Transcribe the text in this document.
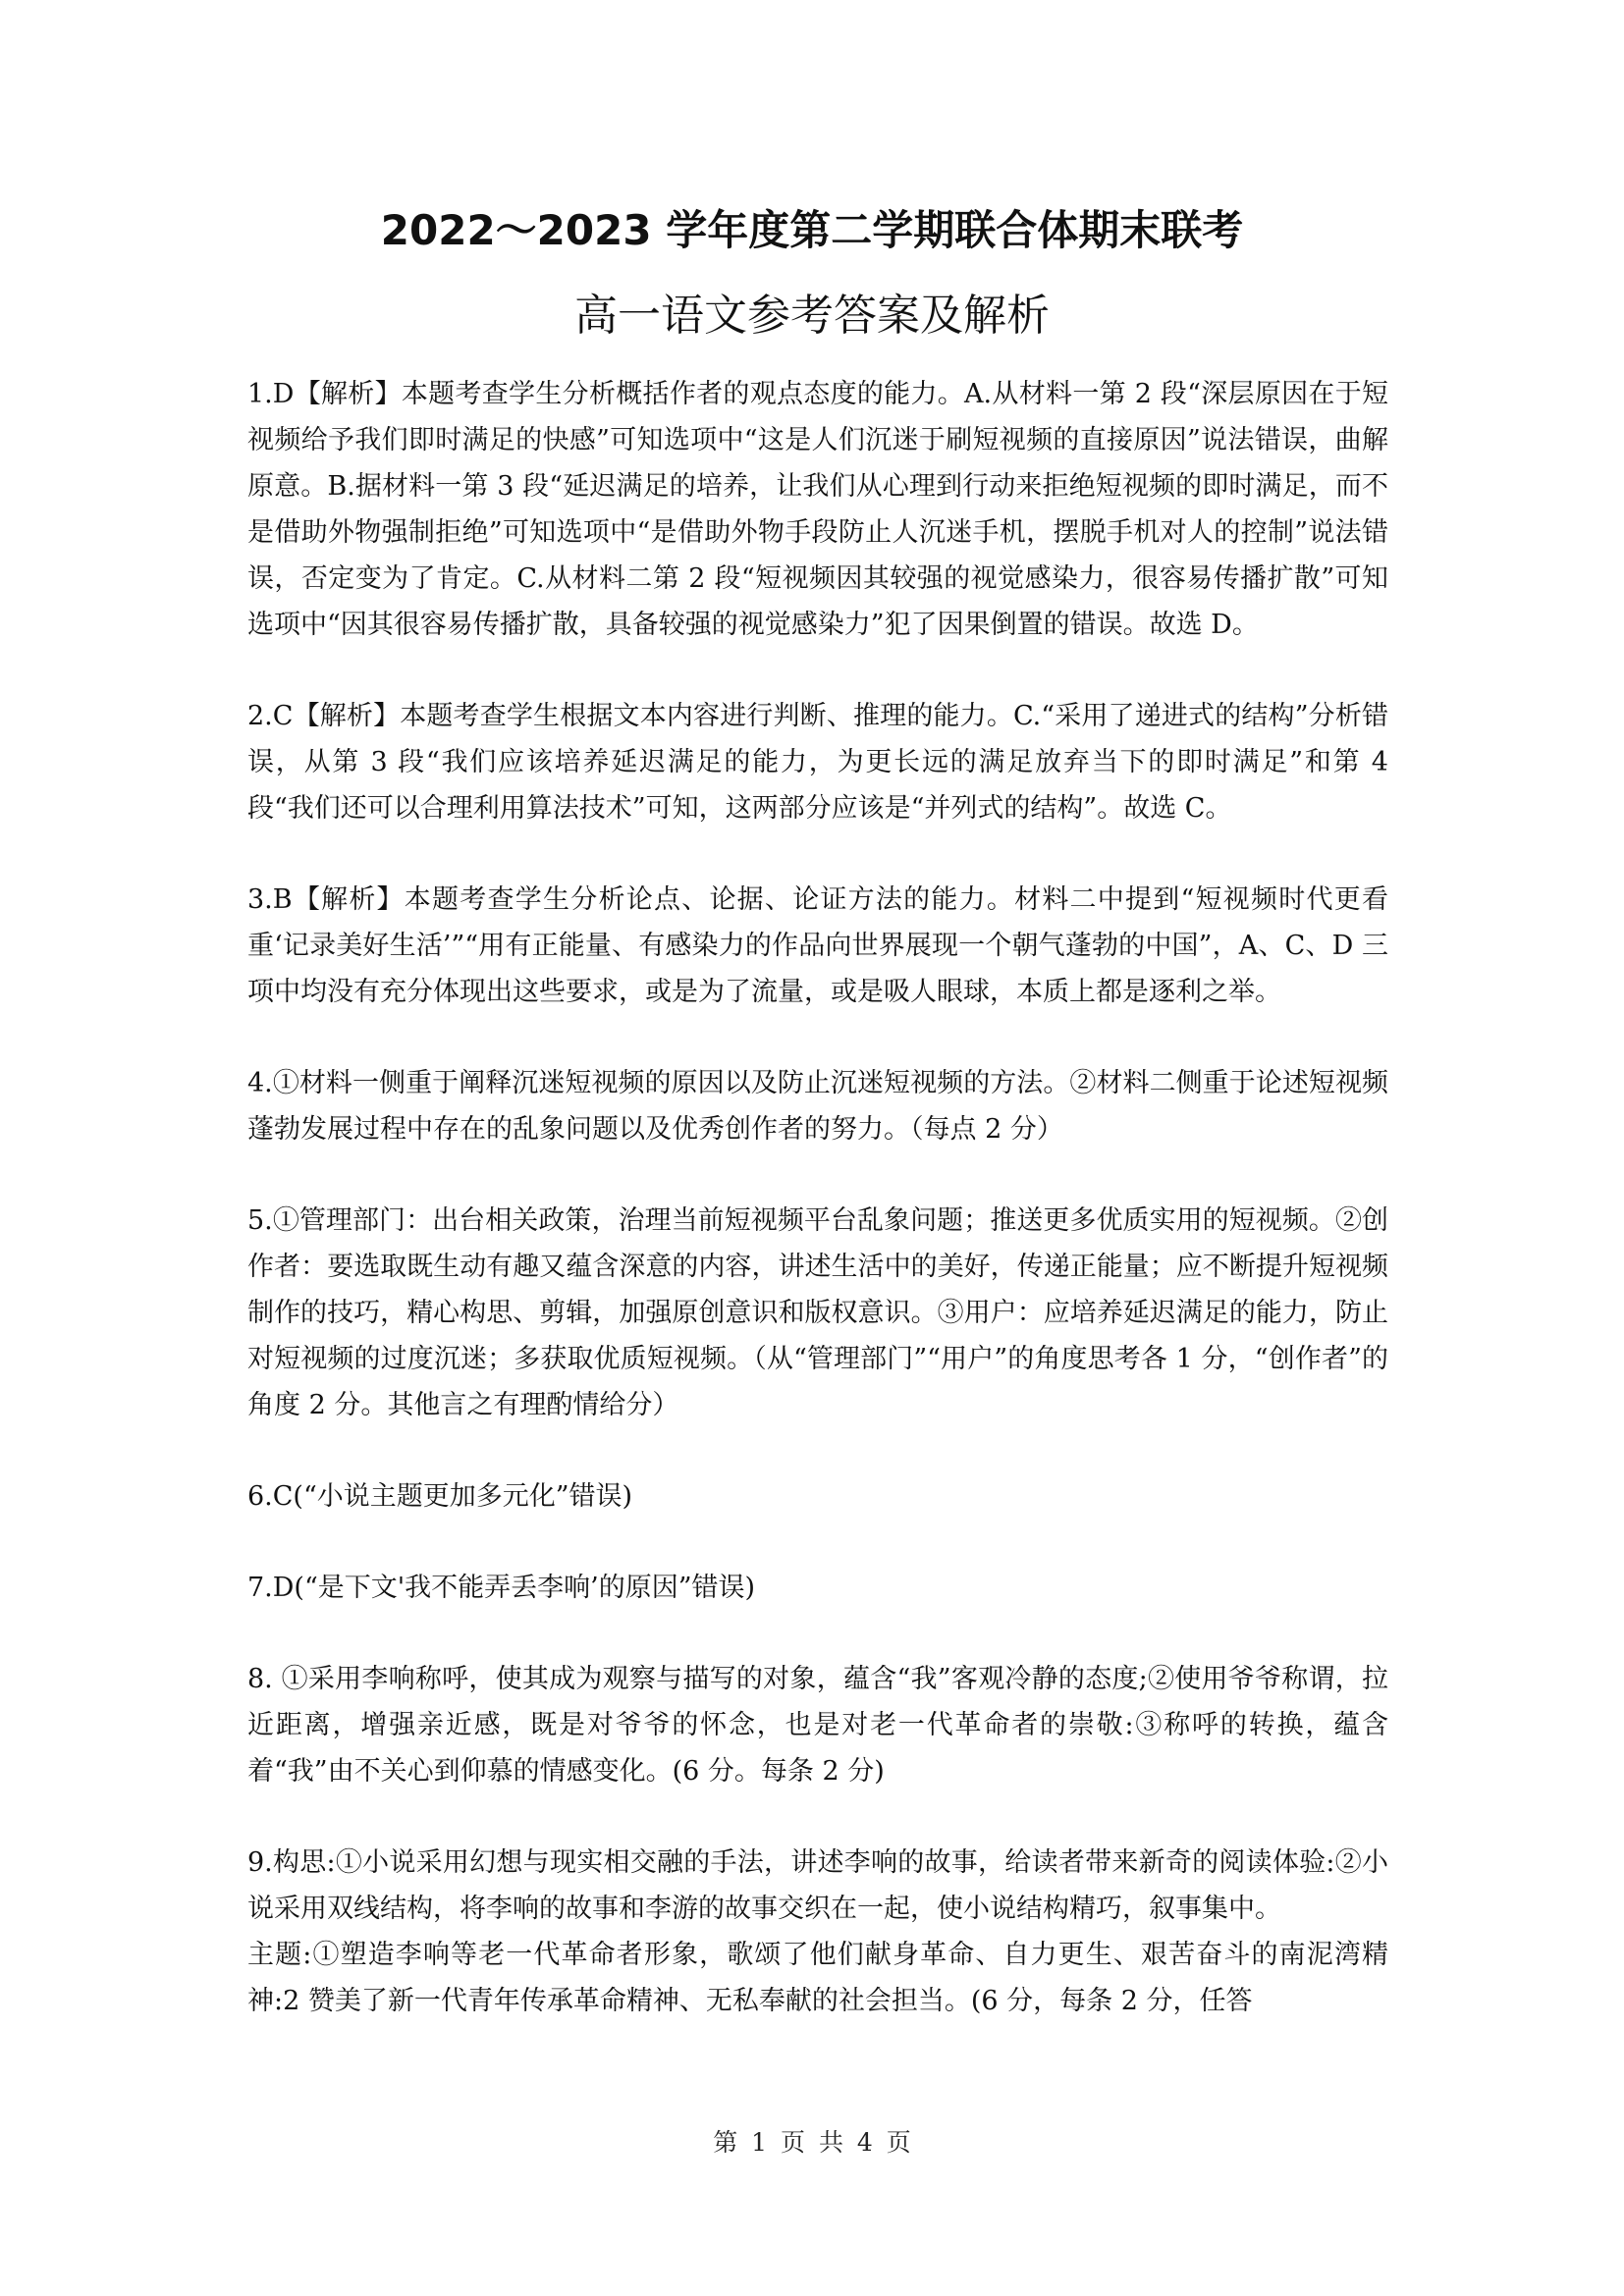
2022～2023 学年度第二学期联合体期末联考
高一语文参考答案及解析

1.D【解析】本题考查学生分析概括作者的观点态度的能力。A.从材料一第 2 段“深层原因在于短视频给予我们即时满足的快感”可知选项中“这是人们沉迷于刷短视频的直接原因”说法错误，曲解原意。B.据材料一第 3 段“延迟满足的培养，让我们从心理到行动来拒绝短视频的即时满足，而不是借助外物强制拒绝”可知选项中“是借助外物手段防止人沉迷手机，摆脱手机对人的控制”说法错误，否定变为了肯定。C.从材料二第 2 段“短视频因其较强的视觉感染力，很容易传播扩散”可知选项中“因其很容易传播扩散，具备较强的视觉感染力”犯了因果倒置的错误。故选 D。

2.C【解析】本题考查学生根据文本内容进行判断、推理的能力。C.“采用了递进式的结构”分析错误，从第 3 段“我们应该培养延迟满足的能力，为更长远的满足放弃当下的即时满足”和第 4 段“我们还可以合理利用算法技术”可知，这两部分应该是“并列式的结构”。故选 C。

3.B【解析】本题考查学生分析论点、论据、论证方法的能力。材料二中提到“短视频时代更看重‘记录美好生活’”“用有正能量、有感染力的作品向世界展现一个朝气蓬勃的中国”，A、C、D 三项中均没有充分体现出这些要求，或是为了流量，或是吸人眼球，本质上都是逐利之举。

4.①材料一侧重于阐释沉迷短视频的原因以及防止沉迷短视频的方法。②材料二侧重于论述短视频蓬勃发展过程中存在的乱象问题以及优秀创作者的努力。（每点 2 分）

5.①管理部门：出台相关政策，治理当前短视频平台乱象问题；推送更多优质实用的短视频。②创作者：要选取既生动有趣又蕴含深意的内容，讲述生活中的美好，传递正能量；应不断提升短视频制作的技巧，精心构思、剪辑，加强原创意识和版权意识。③用户：应培养延迟满足的能力，防止对短视频的过度沉迷；多获取优质短视频。（从“管理部门”“用户”的角度思考各 1 分，“创作者”的角度 2 分。其他言之有理酌情给分）

6.C(“小说主题更加多元化”错误)

7.D(“是下文'我不能弄丢李响’的原因”错误)

8. ①采用李响称呼，使其成为观察与描写的对象，蕴含“我”客观冷静的态度;②使用爷爷称谓，拉近距离，增强亲近感，既是对爷爷的怀念，也是对老一代革命者的崇敬:③称呼的转换，蕴含着“我”由不关心到仰慕的情感变化。(6 分。每条 2 分)

9.构思:①小说采用幻想与现实相交融的手法，讲述李响的故事，给读者带来新奇的阅读体验:②小说采用双线结构，将李响的故事和李游的故事交织在一起，使小说结构精巧，叙事集中。

主题:①塑造李响等老一代革命者形象，歌颂了他们献身革命、自力更生、艰苦奋斗的南泥湾精神:2 赞美了新一代青年传承革命精神、无私奉献的社会担当。(6 分，每条 2 分，任答

第 1 页 共 4 页
